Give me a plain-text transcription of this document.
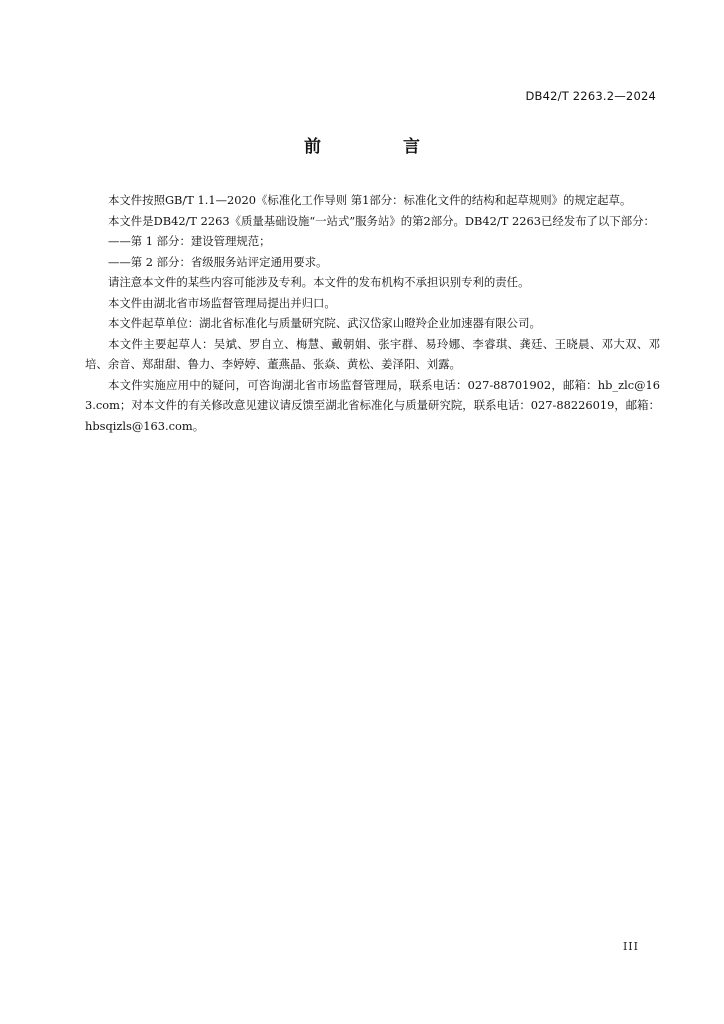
DB42/T 2263.2—2024
前 言

本文件按照GB/T 1.1—2020《标准化工作导则 第1部分：标准化文件的结构和起草规则》的规定起草。

本文件是DB42/T 2263《质量基础设施“一站式”服务站》的第2部分。DB42/T 2263已经发布了以下部分：

——第 1 部分：建设管理规范；

——第 2 部分：省级服务站评定通用要求。

请注意本文件的某些内容可能涉及专利。本文件的发布机构不承担识别专利的责任。

本文件由湖北省市场监督管理局提出并归口。

本文件起草单位：湖北省标准化与质量研究院、武汉岱家山瞪羚企业加速器有限公司。

本文件主要起草人：吴斌、罗自立、梅慧、戴朝娟、张宇群、易玲娜、李睿琪、龚廷、王晓晨、邓大双、邓培、余音、郑甜甜、鲁力、李婷婷、董燕晶、张焱、黄松、姜泽阳、刘露。

本文件实施应用中的疑问，可咨询湖北省市场监督管理局，联系电话：027-88701902，邮箱：hb_zlc@163.com；对本文件的有关修改意见建议请反馈至湖北省标准化与质量研究院，联系电话：027-88226019，邮箱：hbsqizls@163.com。

III
